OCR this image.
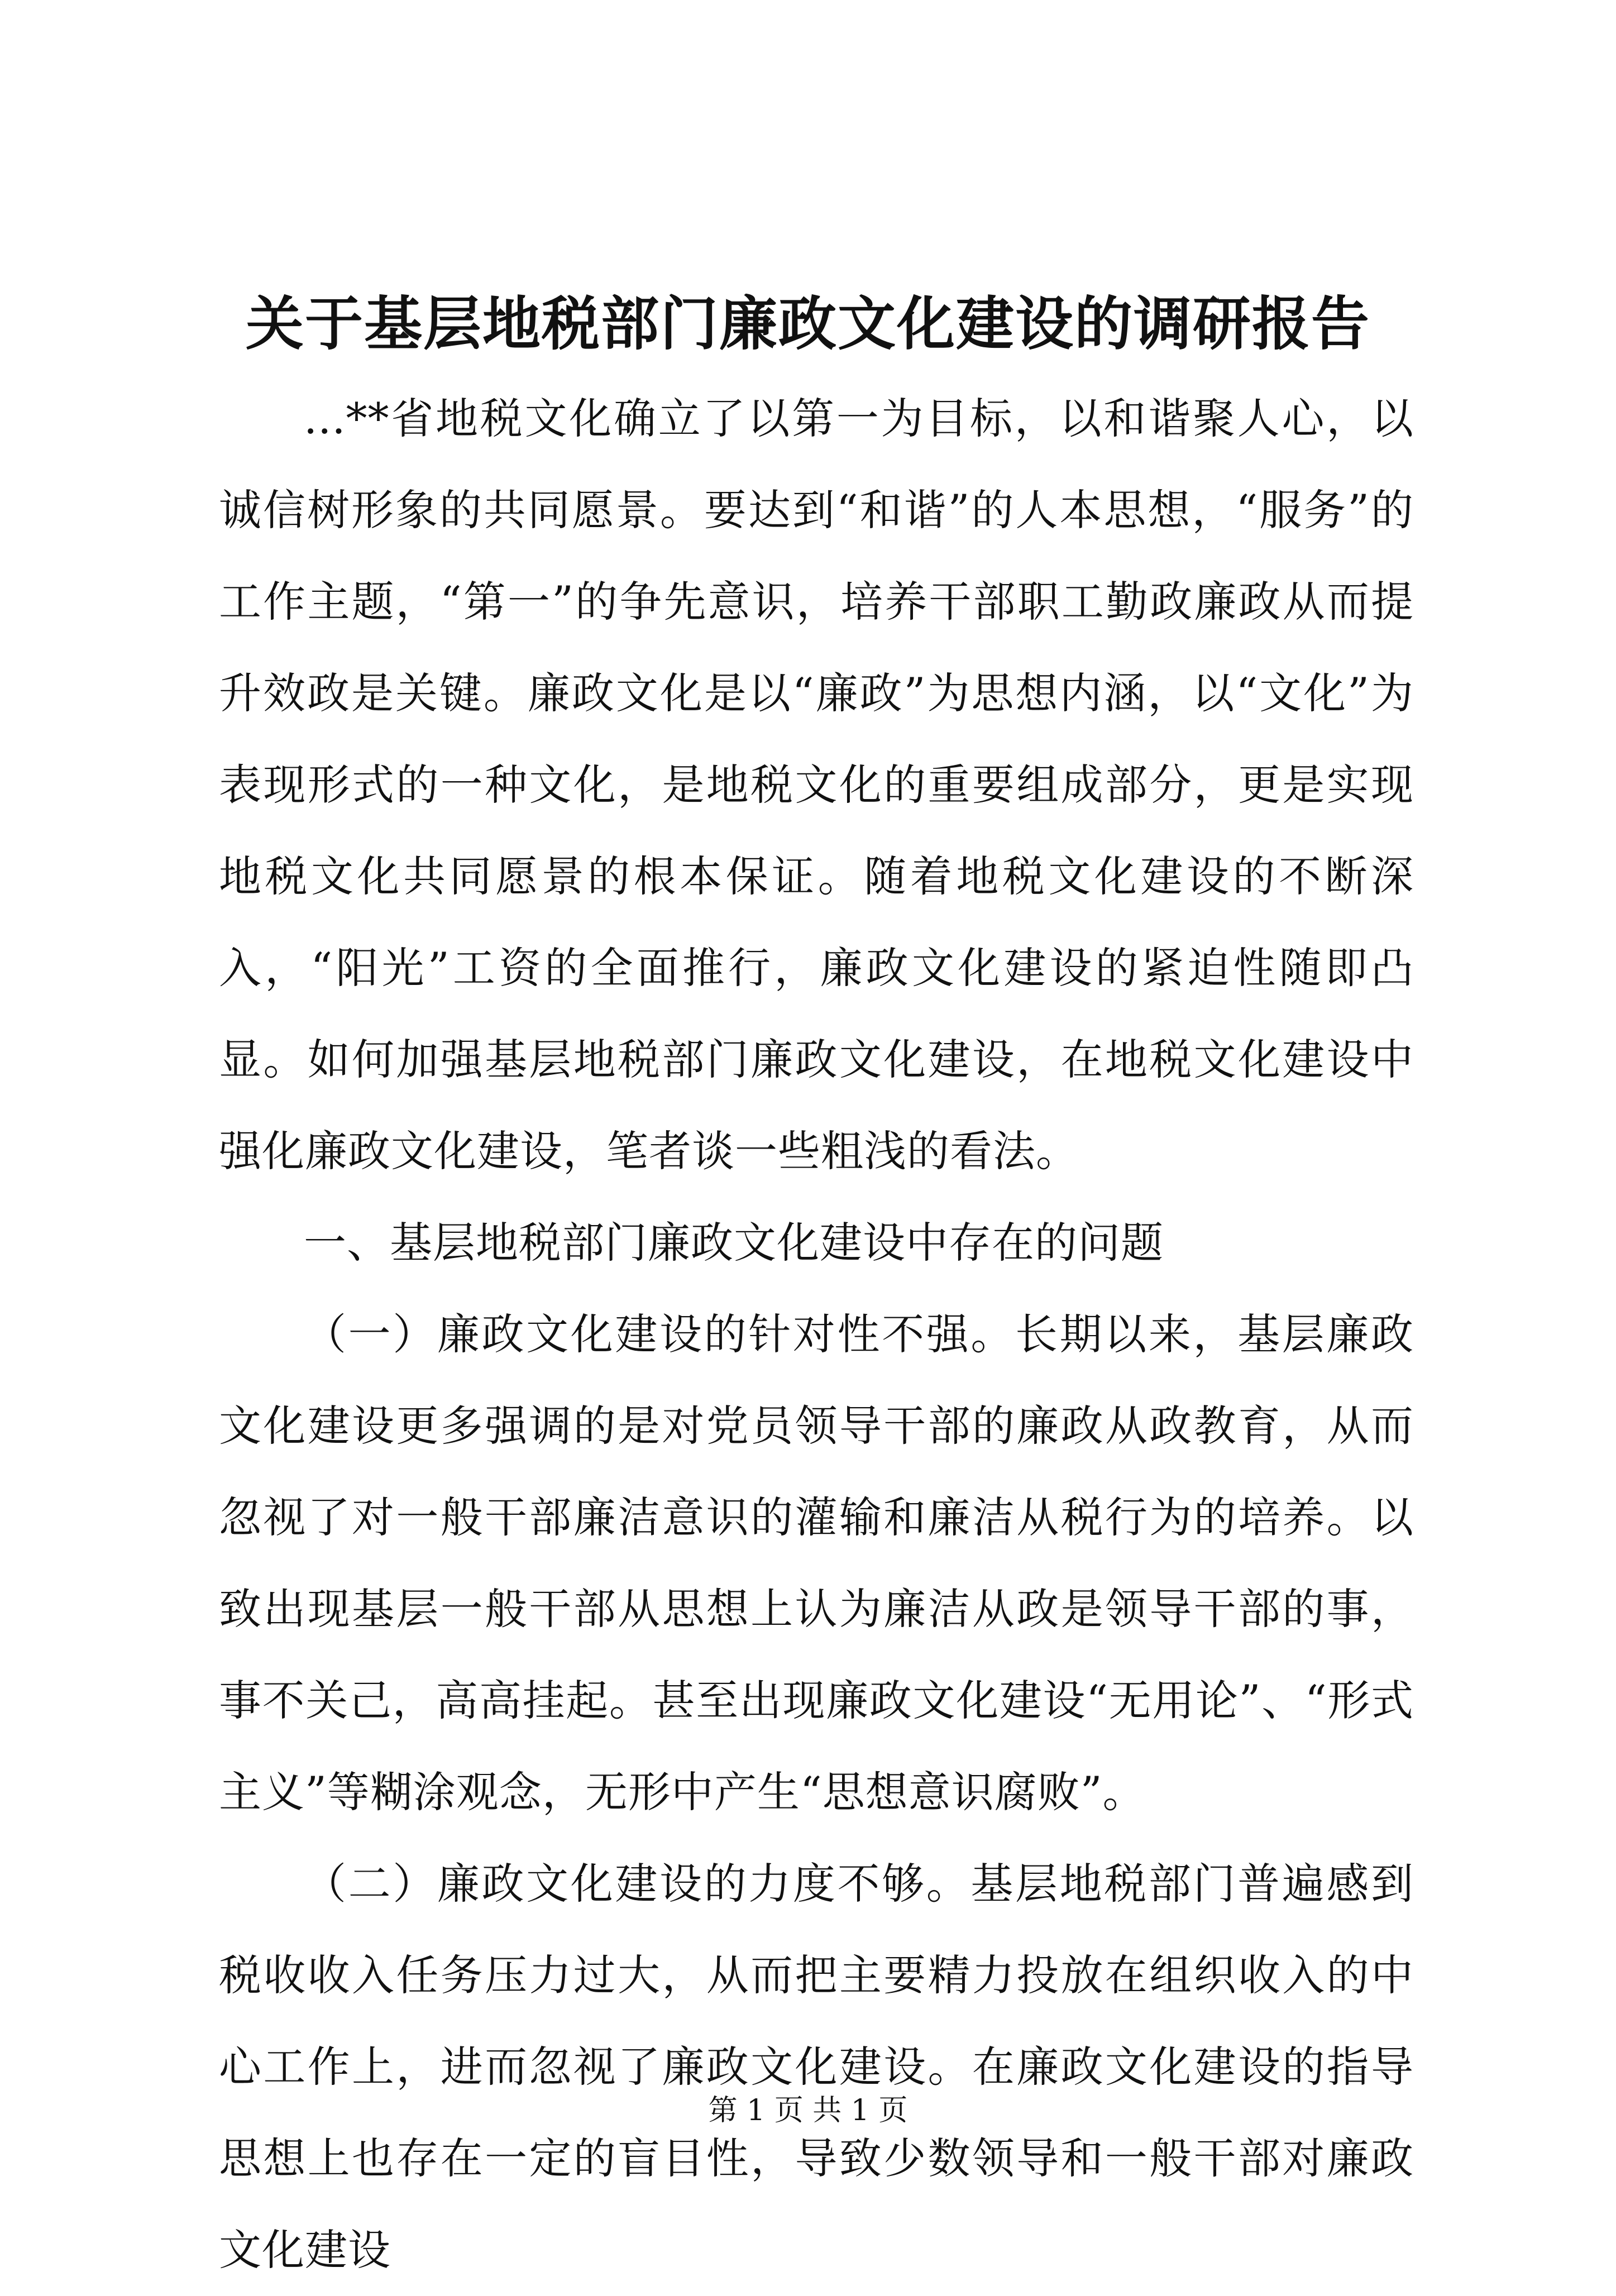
关于基层地税部门廉政文化建设的调研报告

...**省地税文化确立了以第一为目标，以和谐聚人心，以诚信树形象的共同愿景。要达到“和谐”的人本思想，“服务”的工作主题，“第一”的争先意识，培养干部职工勤政廉政从而提升效政是关键。廉政文化是以“廉政”为思想内涵，以“文化”为表现形式的一种文化，是地税文化的重要组成部分，更是实现地税文化共同愿景的根本保证。随着地税文化建设的不断深入，“阳光”工资的全面推行，廉政文化建设的紧迫性随即凸显。如何加强基层地税部门廉政文化建设，在地税文化建设中强化廉政文化建设，笔者谈一些粗浅的看法。

一、基层地税部门廉政文化建设中存在的问题

（一）廉政文化建设的针对性不强。长期以来，基层廉政文化建设更多强调的是对党员领导干部的廉政从政教育，从而忽视了对一般干部廉洁意识的灌输和廉洁从税行为的培养。以致出现基层一般干部从思想上认为廉洁从政是领导干部的事，事不关己，高高挂起。甚至出现廉政文化建设“无用论”、“形式主义”等糊涂观念，无形中产生“思想意识腐败”。

（二）廉政文化建设的力度不够。基层地税部门普遍感到税收收入任务压力过大，从而把主要精力投放在组织收入的中心工作上，进而忽视了廉政文化建设。在廉政文化建设的指导思想上也存在一定的盲目性，导致少数领导和一般干部对廉政文化建设

第 1 页 共 1 页
